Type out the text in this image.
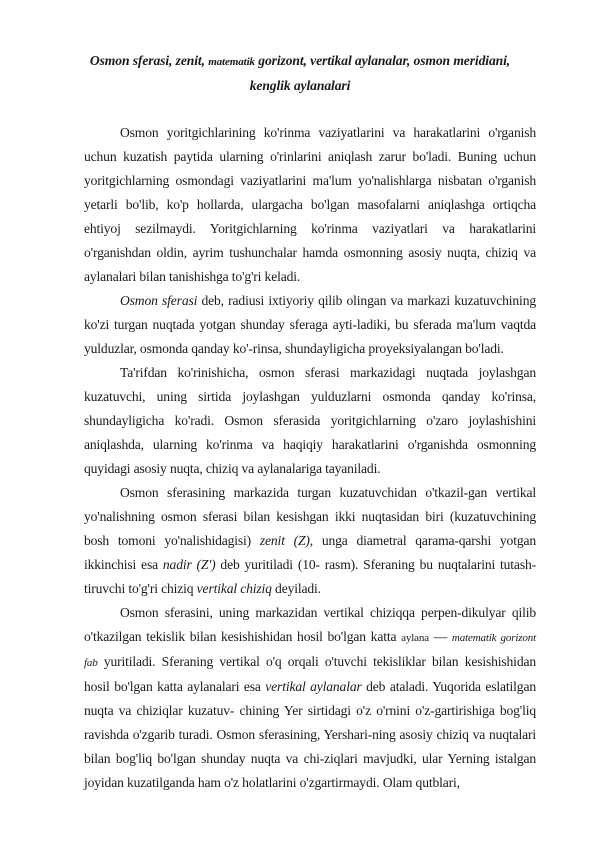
Osmon sferasi, zenit, matematik gorizont, vertikal aylanalar, osmon meridiani,
kenglik aylanalari

Osmon yoritgichlarining ko'rinma vaziyatlarini va harakatlarini o'rganish uchun kuzatish paytida ularning o'rinlarini aniqlash zarur bo'ladi. Buning uchun yoritgichlarning osmondagi vaziyatlarini ma'lum yo'nalishlarga nisbatan o'rganish yetarli bo'lib, ko'p hollarda, ulargacha bo'lgan masofalarni aniqlashga ortiqcha ehtiyoj sezilmaydi. Yoritgichlarning ko'rinma vaziyatlari va harakatlarini o'rganishdan oldin, ayrim tushunchalar hamda osmonning asosiy nuqta, chiziq va aylanalari bilan tanishishga to'g'ri keladi.

Osmon sferasi deb, radiusi ixtiyoriy qilib olingan va markazi kuzatuvchining ko'zi turgan nuqtada yotgan shunday sferaga ayti-ladiki, bu sferada ma'lum vaqtda yulduzlar, osmonda qanday ko'-rinsa, shundayligicha proyeksiyalangan bo'ladi.

Ta'rifdan ko'rinishicha, osmon sferasi markazidagi nuqtada joylashgan kuzatuvchi, uning sirtida joylashgan yulduzlarni osmonda qanday ko'rinsa, shundayligicha ko'radi. Osmon sferasida yoritgichlarning o'zaro joylashishini aniqlashda, ularning ko'rinma va haqiqiy harakatlarini o'rganishda osmonning quyidagi asosiy nuqta, chiziq va aylanalariga tayaniladi.

Osmon sferasining markazida turgan kuzatuvchidan o'tkazil-gan vertikal yo'nalishning osmon sferasi bilan kesishgan ikki nuqtasidan biri (kuzatuvchining bosh tomoni yo'nalishidagisi) zenit (Z), unga diametral qarama-qarshi yotgan ikkinchisi esa nadir (Z') deb yuritiladi (10- rasm). Sferaning bu nuqtalarini tutash-tiruvchi to'g'ri chiziq vertikal chiziq deyiladi.

Osmon sferasini, uning markazidan vertikal chiziqqa perpen-dikulyar qilib o'tkazilgan tekislik bilan kesishishidan hosil bo'lgan katta aylana — matematik gorizont fab yuritiladi. Sferaning vertikal o'q orqali o'tuvchi tekisliklar bilan kesishishidan hosil bo'lgan katta aylanalari esa vertikal aylanalar deb ataladi. Yuqorida eslatilgan nuqta va chiziqlar kuzatuv- chining Yer sirtidagi o'z o'rnini o'z-gartirishiga bog'liq ravishda o'zgarib turadi. Osmon sferasining, Yershari-ning asosiy chiziq va nuqtalari bilan bog'liq bo'lgan shunday nuqta va chi-ziqlari mavjudki, ular Yerning istalgan joyidan kuzatilganda ham o'z holatlarini o'zgartirmaydi. Olam qutblari,
